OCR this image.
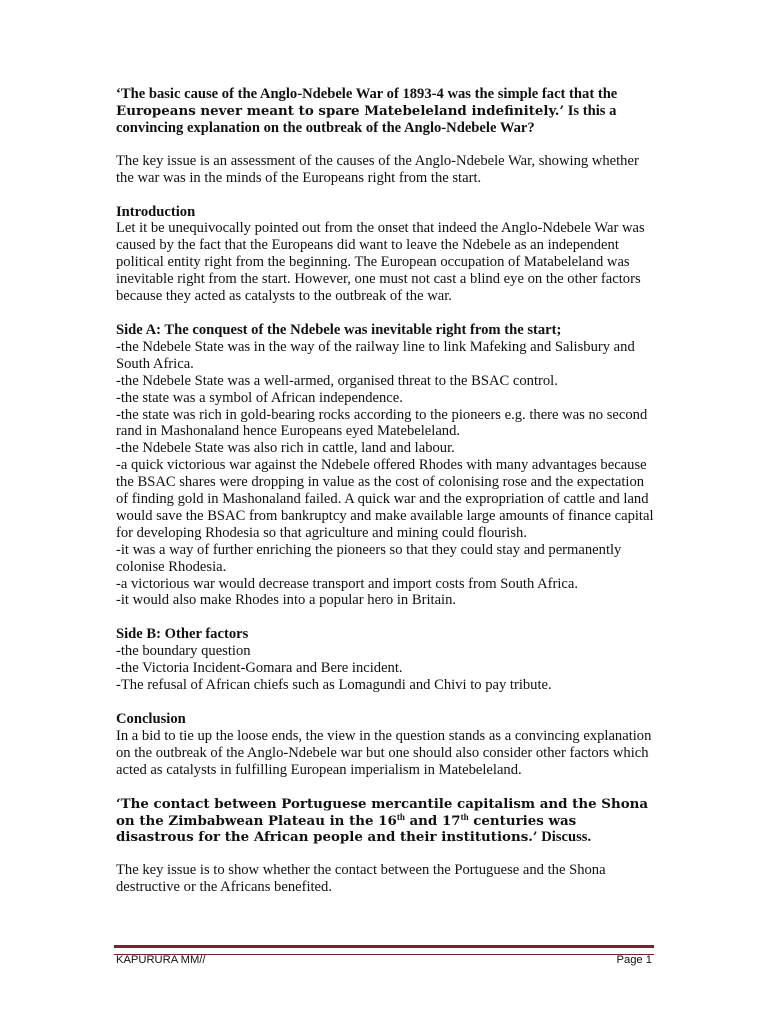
‘The basic cause of the Anglo-Ndebele War of 1893-4 was the simple fact that the Europeans never meant to spare Matebeleland indefinitely.’ Is this a convincing explanation on the outbreak of the Anglo-Ndebele War?

The key issue is an assessment of the causes of the Anglo-Ndebele War, showing whether the war was in the minds of the Europeans right from the start.

Introduction
Let it be unequivocally pointed out from the onset that indeed the Anglo-Ndebele War was caused by the fact that the Europeans did want to leave the Ndebele as an independent political entity right from the beginning. The European occupation of Matabeleland was inevitable right from the start. However, one must not cast a blind eye on the other factors because they acted as catalysts to the outbreak of the war.

Side A: The conquest of the Ndebele was inevitable right from the start;
-the Ndebele State was in the way of the railway line to link Mafeking and Salisbury and South Africa.
-the Ndebele State was a well-armed, organised threat to the BSAC control.
-the state was a symbol of African independence.
-the state was rich in gold-bearing rocks according to the pioneers e.g. there was no second rand in Mashonaland hence Europeans eyed Matebeleland.
-the Ndebele State was also rich in cattle, land and labour.
-a quick victorious war against the Ndebele offered Rhodes with many advantages because the BSAC shares were dropping in value as the cost of colonising rose and the expectation of finding gold in Mashonaland failed. A quick war and the expropriation of cattle and land would save the BSAC from bankruptcy and make available large amounts of finance capital for developing Rhodesia so that agriculture and mining could flourish.
-it was a way of further enriching the pioneers so that they could stay and permanently colonise Rhodesia.
-a victorious war would decrease transport and import costs from South Africa.
-it would also make Rhodes into a popular hero in Britain.

Side B: Other factors
-the boundary question
-the Victoria Incident-Gomara and Bere incident.
-The refusal of African chiefs such as Lomagundi and Chivi to pay tribute.

Conclusion
In a bid to tie up the loose ends, the view in the question stands as a convincing explanation on the outbreak of the Anglo-Ndebele war but one should also consider other factors which acted as catalysts in fulfilling European imperialism in Matebeleland.

‘The contact between Portuguese mercantile capitalism and the Shona on the Zimbabwean Plateau in the 16th and 17th centuries was disastrous for the African people and their institutions.’ Discuss.

The key issue is to show whether the contact between the Portuguese and the Shona destructive or the Africans benefited.

KAPURURA MM//	Page 1
